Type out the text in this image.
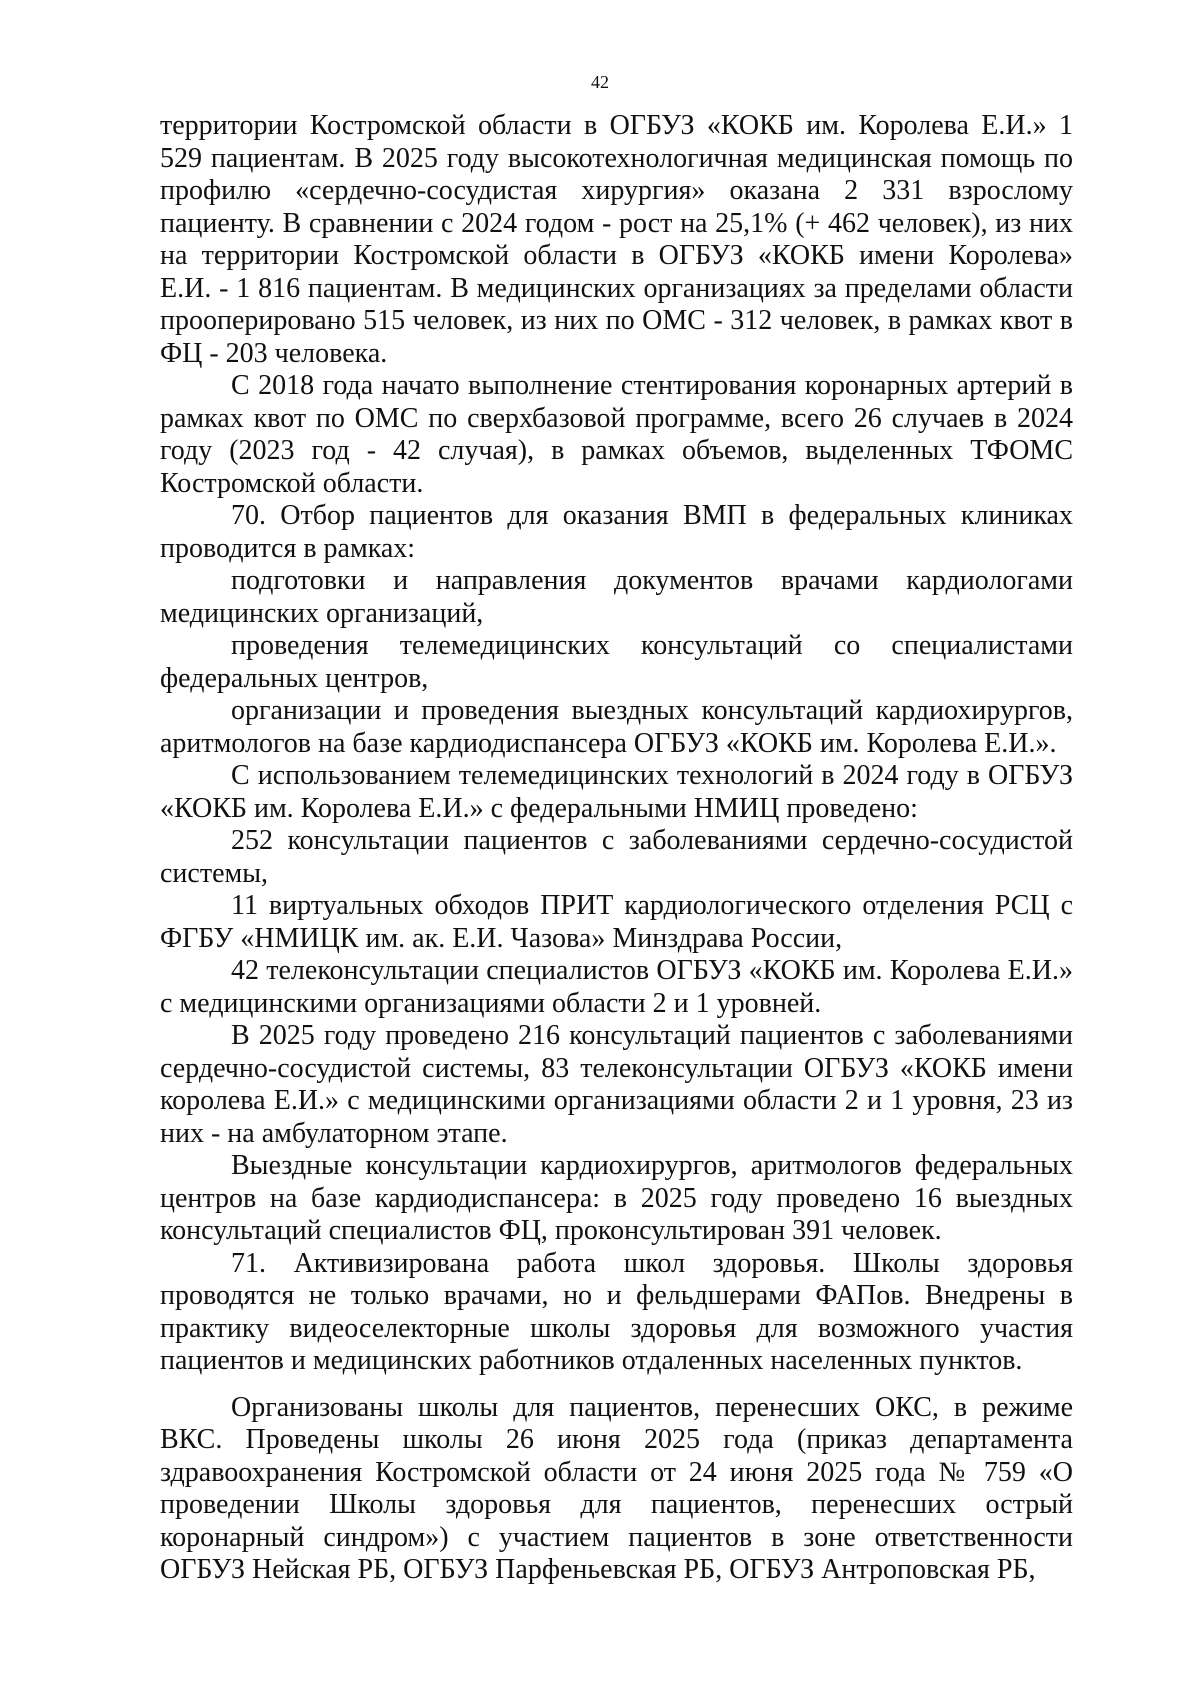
42

территории Костромской области в ОГБУЗ «КОКБ им. Королева Е.И.» 1 529 пациентам. В 2025 году высокотехнологичная медицинская помощь по профилю «сердечно-сосудистая хирургия» оказана 2 331 взрослому пациенту. В сравнении с 2024 годом - рост на 25,1% (+ 462 человек), из них на территории Костромской области в ОГБУЗ «КОКБ имени Королева» Е.И. - 1 816 пациентам. В медицинских организациях за пределами области прооперировано 515 человек, из них по ОМС - 312 человек, в рамках квот в ФЦ - 203 человека.

С 2018 года начато выполнение стентирования коронарных артерий в рамках квот по ОМС по сверхбазовой программе, всего 26 случаев в 2024 году (2023 год - 42 случая), в рамках объемов, выделенных ТФОМС Костромской области.

70. Отбор пациентов для оказания ВМП в федеральных клиниках проводится в рамках:

подготовки и направления документов врачами кардиологами медицинских организаций,

проведения телемедицинских консультаций со специалистами федеральных центров,

организации и проведения выездных консультаций кардиохирургов, аритмологов на базе кардиодиспансера ОГБУЗ «КОКБ им. Королева Е.И.».

С использованием телемедицинских технологий в 2024 году в ОГБУЗ «КОКБ им. Королева Е.И.» с федеральными НМИЦ проведено:

252 консультации пациентов с заболеваниями сердечно-сосудистой системы,

11 виртуальных обходов ПРИТ кардиологического отделения РСЦ с ФГБУ «НМИЦК им. ак. Е.И. Чазова» Минздрава России,

42 телеконсультации специалистов ОГБУЗ «КОКБ им. Королева Е.И.» с медицинскими организациями области 2 и 1 уровней.

В 2025 году проведено 216 консультаций пациентов с заболеваниями сердечно-сосудистой системы, 83 телеконсультации ОГБУЗ «КОКБ имени королева Е.И.» с медицинскими организациями области 2 и 1 уровня, 23 из них - на амбулаторном этапе.

Выездные консультации кардиохирургов, аритмологов федеральных центров на базе кардиодиспансера: в 2025 году проведено 16 выездных консультаций специалистов ФЦ, проконсультирован 391 человек.

71. Активизирована работа школ здоровья. Школы здоровья проводятся не только врачами, но и фельдшерами ФАПов. Внедрены в практику видеоселекторные школы здоровья для возможного участия пациентов и медицинских работников отдаленных населенных пунктов.

Организованы школы для пациентов, перенесших ОКС, в режиме ВКС. Проведены школы 26 июня 2025 года (приказ департамента здравоохранения Костромской области от 24 июня 2025 года № 759 «О проведении Школы здоровья для пациентов, перенесших острый коронарный синдром») с участием пациентов в зоне ответственности ОГБУЗ Нейская РБ, ОГБУЗ Парфеньевская РБ, ОГБУЗ Антроповская РБ,
